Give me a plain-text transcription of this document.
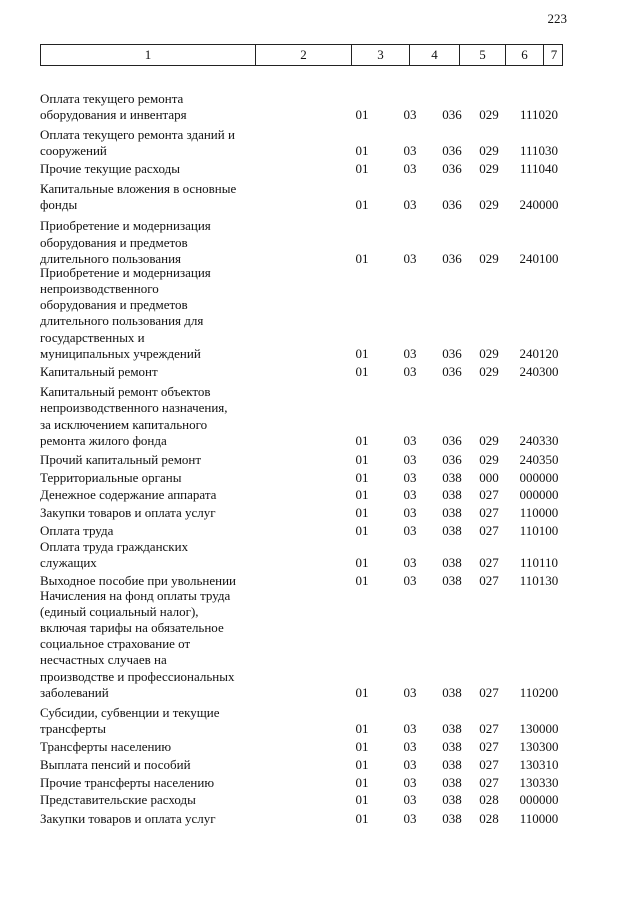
223
1	2	3	4	5	6	7
Оплата текущего ремонта
оборудования и инвентаря	01	03	036	029	111020
Оплата текущего ремонта зданий и
сооружений	01	03	036	029	111030
Прочие текущие расходы	01	03	036	029	111040
Капитальные вложения в основные
фонды	01	03	036	029	240000
Приобретение и модернизация
оборудования и предметов
длительного пользования	01	03	036	029	240100
Приобретение и модернизация
непроизводственного
оборудования и предметов
длительного пользования для
государственных и
муниципальных учреждений	01	03	036	029	240120
Капитальный ремонт	01	03	036	029	240300
Капитальный ремонт объектов
непроизводственного назначения,
за исключением капитального
ремонта жилого фонда	01	03	036	029	240330
Прочий капитальный ремонт	01	03	036	029	240350
Территориальные органы	01	03	038	000	000000
Денежное содержание аппарата	01	03	038	027	000000
Закупки товаров и оплата услуг	01	03	038	027	110000
Оплата труда	01	03	038	027	110100
Оплата труда гражданских
служащих	01	03	038	027	110110
Выходное пособие при увольнении	01	03	038	027	110130
Начисления на фонд оплаты труда
(единый социальный налог),
включая тарифы на обязательное
социальное страхование от
несчастных случаев на
производстве и профессиональных
заболеваний	01	03	038	027	110200
Субсидии, субвенции и текущие
трансферты	01	03	038	027	130000
Трансферты населению	01	03	038	027	130300
Выплата пенсий и пособий	01	03	038	027	130310
Прочие трансферты населению	01	03	038	027	130330
Представительские расходы	01	03	038	028	000000
Закупки товаров и оплата услуг	01	03	038	028	110000
